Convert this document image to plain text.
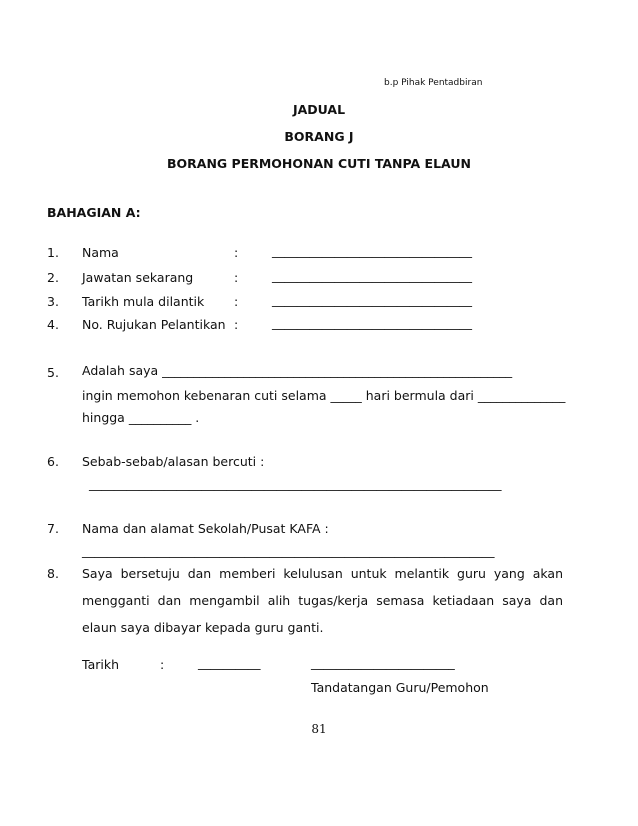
b.p Pihak Pentadbiran
JADUAL
BORANG J
BORANG PERMOHONAN CUTI TANPA ELAUN
BAHAGIAN A:
1. Nama	:	________________________________
2. Jawatan sekarang	:	________________________________
3. Tarikh mula dilantik :	________________________________
4. No. Rujukan Pelantikan :	________________________________
5. Adalah saya ________________________________________________________
ingin memohon kebenaran cuti selama _____ hari bermula dari ______________
hingga __________ .
6. Sebab-sebab/alasan bercuti :
__________________________________________________________________
7. Nama dan alamat Sekolah/Pusat KAFA :
__________________________________________________________________
8. Saya bersetuju dan memberi kelulusan untuk melantik guru yang akan mengganti dan mengambil alih tugas/kerja semasa ketiadaan saya dan elaun saya dibayar kepada guru ganti.
Tarikh	:	__________	_______________________
Tandatangan Guru/Pemohon
81
